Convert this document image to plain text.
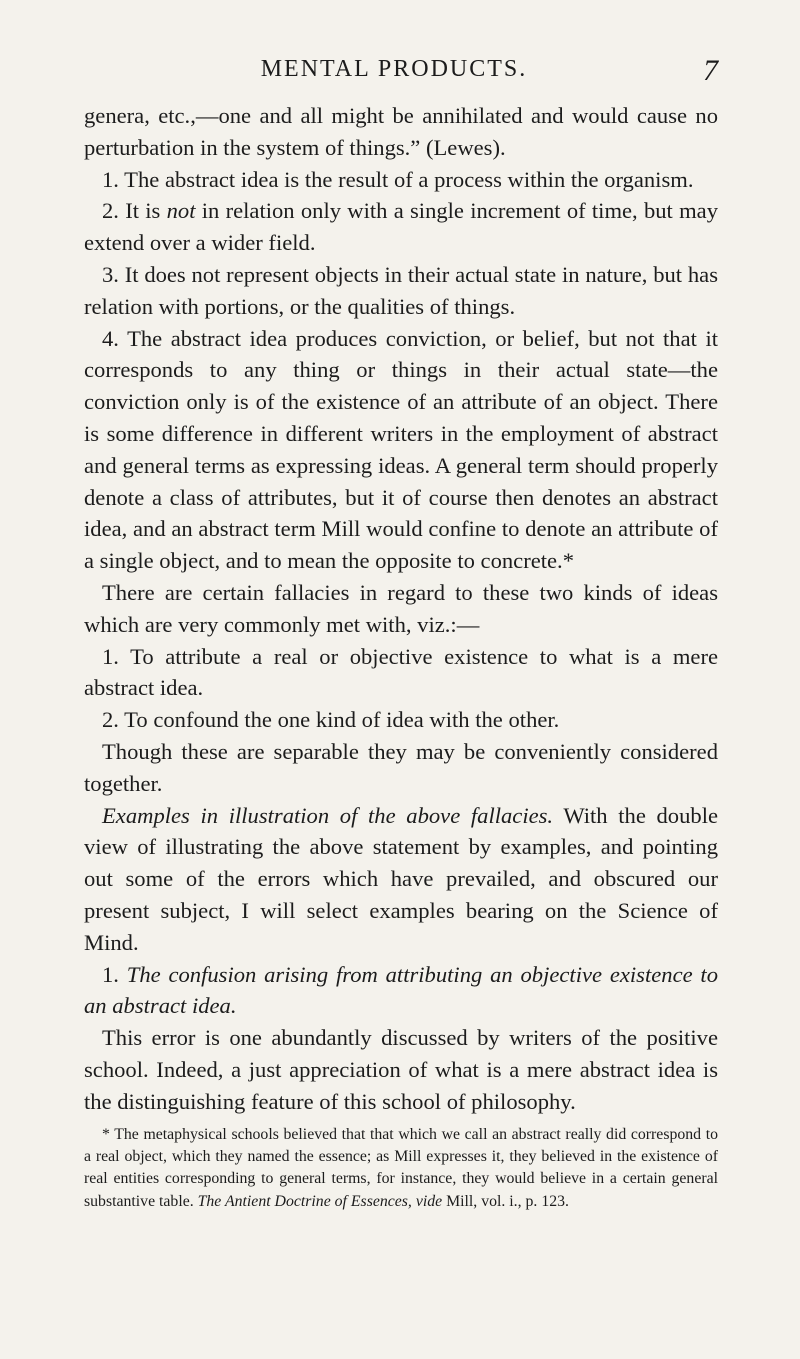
MENTAL PRODUCTS.	7

genera, etc.,—one and all might be annihilated and would cause no perturbation in the system of things.” (Lewes).

1. The abstract idea is the result of a process within the organism.

2. It is not in relation only with a single increment of time, but may extend over a wider field.

3. It does not represent objects in their actual state in nature, but has relation with portions, or the qualities of things.

4. The abstract idea produces conviction, or belief, but not that it corresponds to any thing or things in their actual state—the conviction only is of the existence of an attribute of an object. There is some difference in different writers in the employment of abstract and general terms as expressing ideas. A general term should properly denote a class of attributes, but it of course then denotes an abstract idea, and an abstract term Mill would confine to denote an attribute of a single object, and to mean the opposite to concrete.*

There are certain fallacies in regard to these two kinds of ideas which are very commonly met with, viz.:—

1. To attribute a real or objective existence to what is a mere abstract idea.

2. To confound the one kind of idea with the other.

Though these are separable they may be conveniently considered together.

Examples in illustration of the above fallacies. With the double view of illustrating the above statement by examples, and pointing out some of the errors which have prevailed, and obscured our present subject, I will select examples bearing on the Science of Mind.

1. The confusion arising from attributing an objective existence to an abstract idea.

This error is one abundantly discussed by writers of the positive school. Indeed, a just appreciation of what is a mere abstract idea is the distinguishing feature of this school of philosophy.

* The metaphysical schools believed that that which we call an abstract really did correspond to a real object, which they named the essence; as Mill expresses it, they believed in the existence of real entities corresponding to general terms, for instance, they would believe in a certain general substantive table. The Antient Doctrine of Essences, vide Mill, vol. i., p. 123.
